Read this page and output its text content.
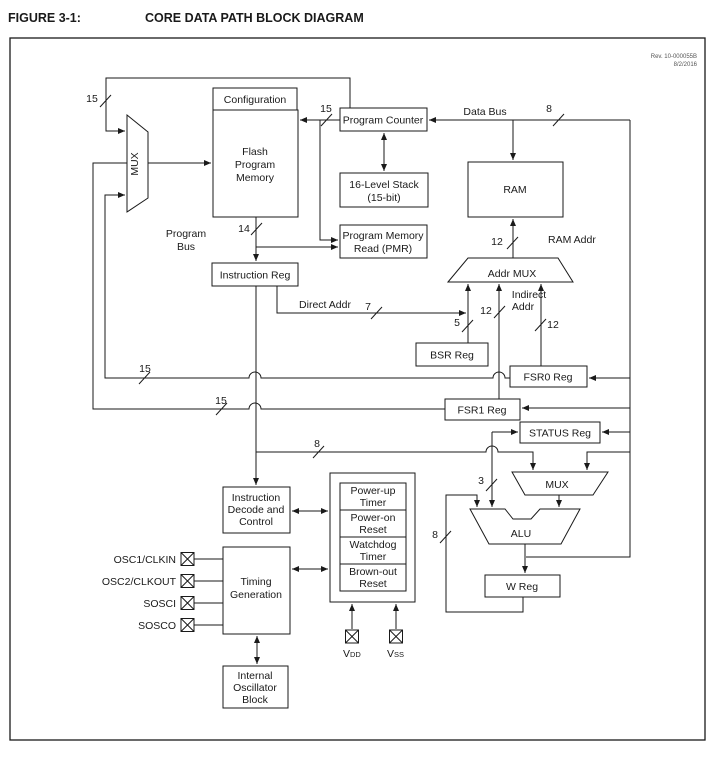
FIGURE 3-1:	CORE DATA PATH BLOCK DIAGRAM
Rev. 10-000055B
8/2/2016
15
15	8
14
7
5
12
12
12
15
15
8
3
8
Configuration
Flash
Program
Memory
MUX
Program Counter
16-Level Stack
(15-bit)
RAM
Program Memory
Read (PMR)
Instruction Reg	Addr MUX
BSR Reg
FSR0 Reg
FSR1 Reg
STATUS Reg
MUX
ALU
W Reg
Instruction
Decode and
Control
Timing
Generation
Power-up
Timer
Power-on
Reset
Watchdog
Timer
Brown-out
Reset
Internal
Oscillator
Block
Data Bus
Program
Bus
RAM Addr
Direct Addr
Indirect
Addr
OSC1/CLKIN
OSC2/CLKOUT
SOSCI
SOSCO
VDD VSS
